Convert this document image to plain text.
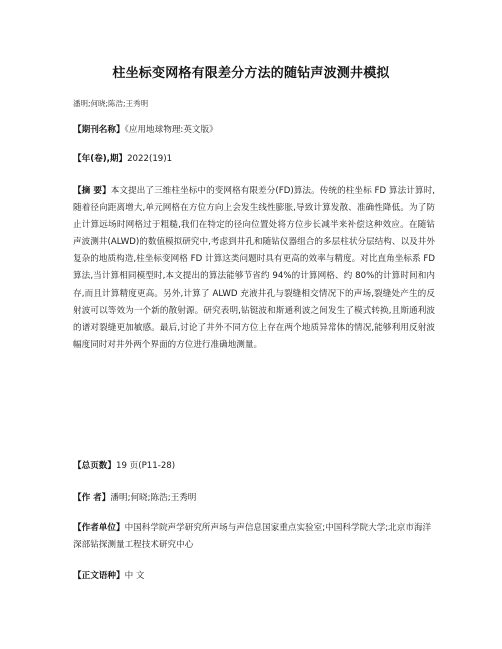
柱坐标变网格有限差分方法的随钻声波测井模拟
潘明;何晓;陈浩;王秀明
【期刊名称】《应用地球物理:英文版》
【年(卷),期】2022(19)1
【摘 要】本文提出了三维柱坐标中的变网格有限差分(FD)算法。传统的柱坐标 FD 算法计算时,随着径向距离增大,单元网格在方位方向上会发生线性膨胀,导致计算发散、准确性降低。为了防止计算远场时网格过于粗糙,我们在特定的径向位置处将方位步长减半来补偿这种效应。在随钻声波测井(ALWD)的数值模拟研究中,考虑到井孔和随钻仪器组合的多层柱状分层结构、以及井外复杂的地质构造,柱坐标变网格 FD 计算这类问题时具有更高的效率与精度。对比直角坐标系 FD 算法,当计算相同模型时,本文提出的算法能够节省约 94%的计算网格、约 80%的计算时间和内存,而且计算精度更高。另外,计算了 ALWD 充液井孔与裂缝相交情况下的声场,裂缝处产生的反射波可以等效为一个新的散射源。研究表明,钻铤波和斯通利波之间发生了模式转换,且斯通利波的谱对裂缝更加敏感。最后,讨论了井外不同方位上存在两个地质异常体的情况,能够利用反射波幅度同时对井外两个界面的方位进行准确地测量。
【总页数】19 页(P11-28)
【作 者】潘明;何晓;陈浩;王秀明
【作者单位】中国科学院声学研究所声场与声信息国家重点实验室;中国科学院大学;北京市海洋深部钻探测量工程技术研究中心
【正文语种】中 文
